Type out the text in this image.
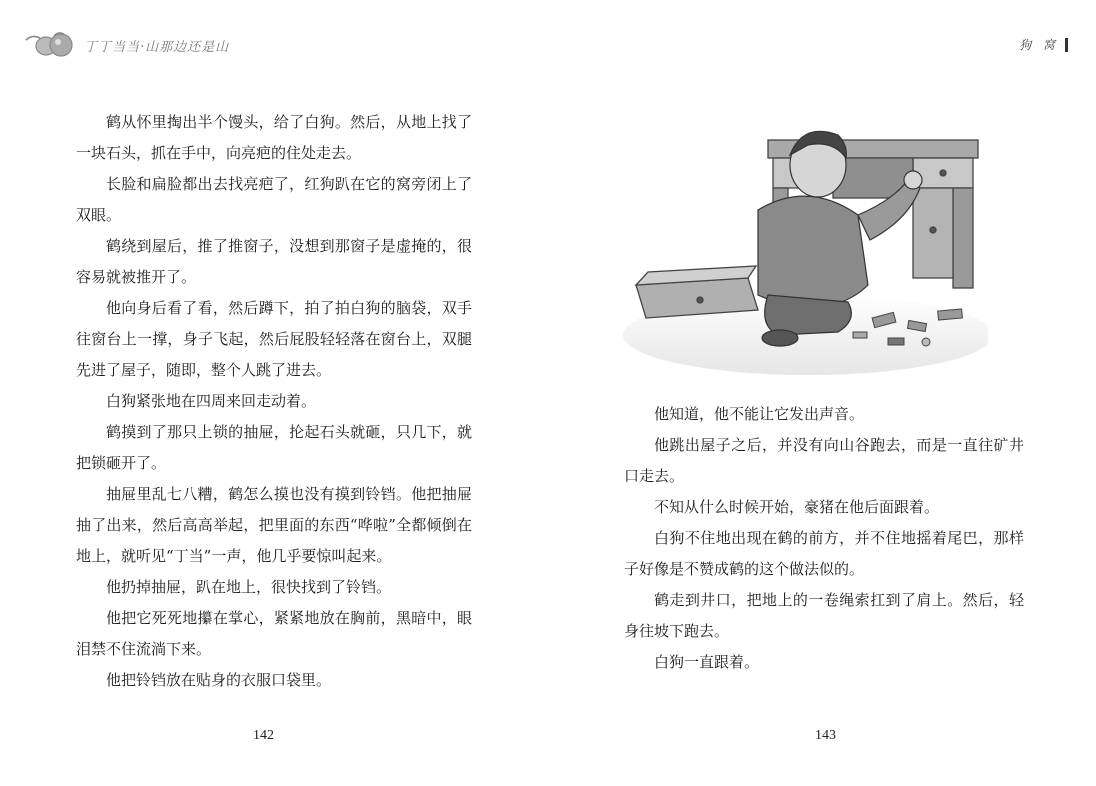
丁丁当当·山那边还是山

鹤从怀里掏出半个馒头，给了白狗。然后，从地上找了一块石头，抓在手中，向亮疤的住处走去。

长脸和扁脸都出去找亮疤了，红狗趴在它的窝旁闭上了双眼。

鹤绕到屋后，推了推窗子，没想到那窗子是虚掩的，很容易就被推开了。

他向身后看了看，然后蹲下，拍了拍白狗的脑袋，双手往窗台上一撑，身子飞起，然后屁股轻轻落在窗台上，双腿先进了屋子，随即，整个人跳了进去。

白狗紧张地在四周来回走动着。

鹤摸到了那只上锁的抽屉，抡起石头就砸，只几下，就把锁砸开了。

抽屉里乱七八糟，鹤怎么摸也没有摸到铃铛。他把抽屉抽了出来，然后高高举起，把里面的东西“哗啦”全都倾倒在地上，就听见“丁当”一声，他几乎要惊叫起来。

他扔掉抽屉，趴在地上，很快找到了铃铛。

他把它死死地攥在掌心，紧紧地放在胸前，黑暗中，眼泪禁不住流淌下来。

他把铃铛放在贴身的衣服口袋里。

142
狗 窝

他知道，他不能让它发出声音。

他跳出屋子之后，并没有向山谷跑去，而是一直往矿井口走去。

不知从什么时候开始，豪猪在他后面跟着。

白狗不住地出现在鹤的前方，并不住地摇着尾巴，那样子好像是不赞成鹤的这个做法似的。

鹤走到井口，把地上的一卷绳索扛到了肩上。然后，轻身往坡下跑去。

白狗一直跟着。

143
